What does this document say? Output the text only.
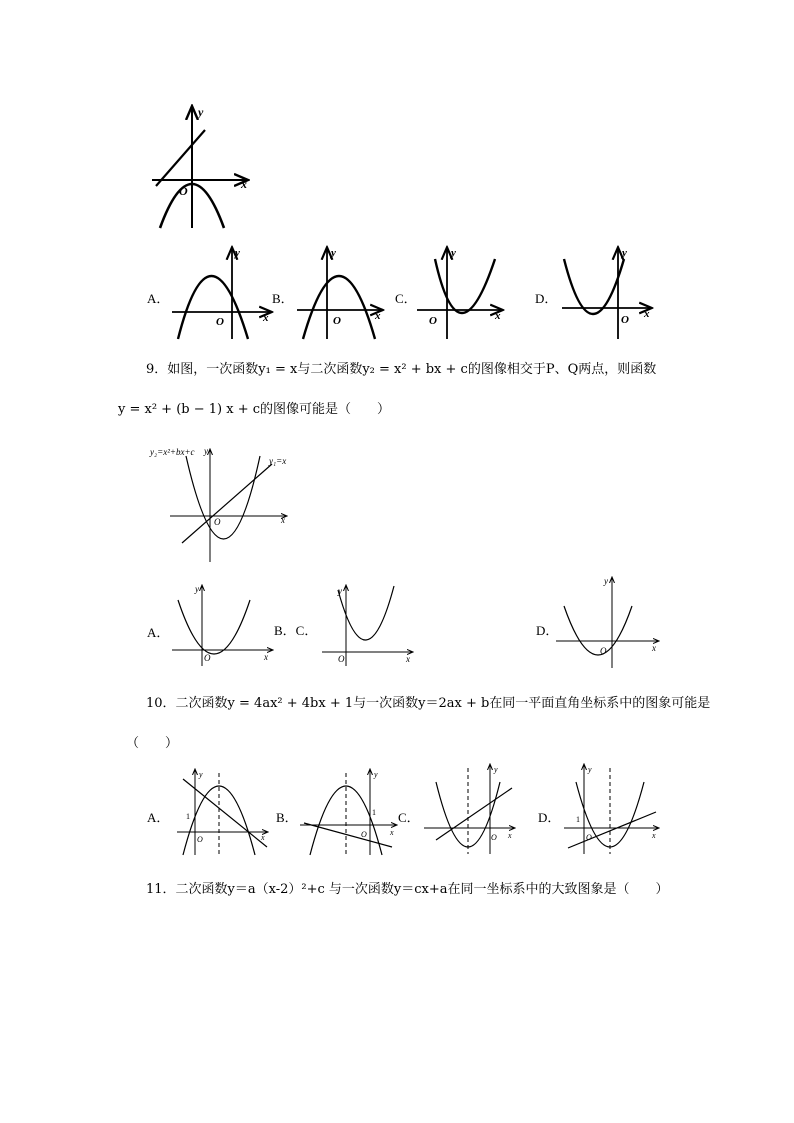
y
x
O
A．
y
x
O
B．
y
x
O
C．
y
x
O
D．
y
x
O
9．如图，一次函数y₁ = x与二次函数y₂ = x² + bx + c的图像相交于P、Q两点，则函数
y = x² + (b − 1) x + c的图像可能是（　　）
y₂=x²+bx+c y
y₁=x
x
O
A．
y
x
O
B．C．
y
x
O
D．
y
x
O
10．二次函数y = 4ax² + 4bx + 1与一次函数y＝2ax + b在同一平面直角坐标系中的图象可能是
（　　）
A．
y
x
O
1	B．
y
x
O
1 C．
y
x
O
D．
y
x
O
1
11．二次函数y＝a（x-2）²+c 与一次函数y＝cx+a在同一坐标系中的大致图象是（　　）
